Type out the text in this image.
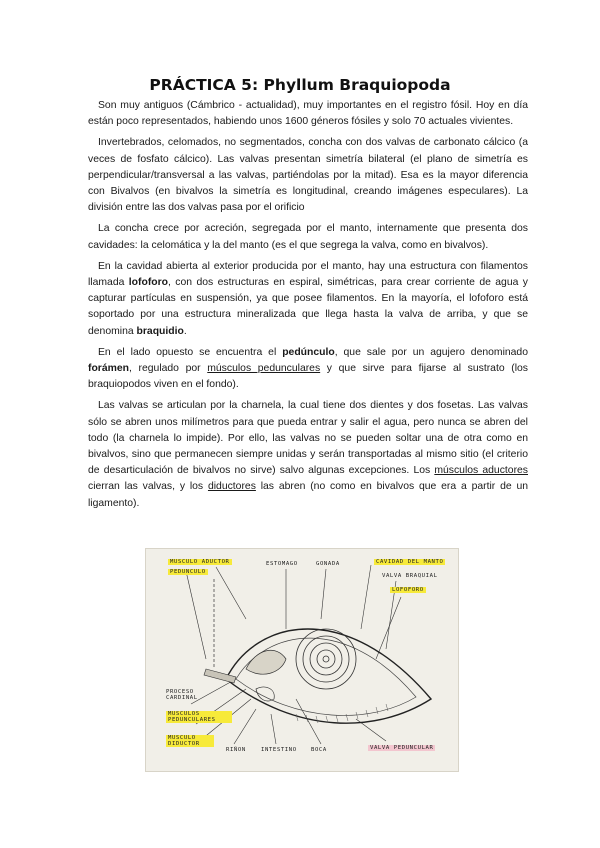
PRÁCTICA 5: Phyllum Braquiopoda

Son muy antiguos (Cámbrico - actualidad), muy importantes en el registro fósil. Hoy en día están poco representados, habiendo unos 1600 géneros fósiles y solo 70 actuales vivientes.

Invertebrados, celomados, no segmentados, concha con dos valvas de carbonato cálcico (a veces de fosfato cálcico). Las valvas presentan simetría bilateral (el plano de simetría es perpendicular/transversal a las valvas, partiéndolas por la mitad). Esa es la mayor diferencia con Bivalvos (en bivalvos la simetría es longitudinal, creando imágenes especulares). La división entre las dos valvas pasa por el orificio

La concha crece por acreción, segregada por el manto, internamente que presenta dos cavidades: la celomática y la del manto (es el que segrega la valva, como en bivalvos).

En la cavidad abierta al exterior producida por el manto, hay una estructura con filamentos llamada lofoforo, con dos estructuras en espiral, simétricas, para crear corriente de agua y capturar partículas en suspensión, ya que posee filamentos. En la mayoría, el lofoforo está soportado por una estructura mineralizada que llega hasta la valva de arriba, y que se denomina braquidio.

En el lado opuesto se encuentra el pedúnculo, que sale por un agujero denominado forámen, regulado por músculos pedunculares y que sirve para fijarse al sustrato (los braquiopodos viven en el fondo).

Las valvas se articulan por la charnela, la cual tiene dos dientes y dos fosetas. Las valvas sólo se abren unos milímetros para que pueda entrar y salir el agua, pero nunca se abren del todo (la charnela lo impide). Por ello, las valvas no se pueden soltar una de otra como en bivalvos, sino que permanecen siempre unidas y serán transportadas al mismo sitio (el criterio de desarticulación de bivalvos no sirve) salvo algunas excepciones. Los músculos aductores cierran las valvas, y los diductores las abren (no como en bivalvos que era a partir de un ligamento).

MUSCULO ADUCTOR
PEDUNCULO
ESTOMAGO	GONADA	CAVIDAD DEL MANTO
VALVA BRAQUIAL
LOFOFORO
PROCESO CARDINAL
MUSCULOS PEDUNCULARES
MUSCULO DIDUCTOR
RIÑON	INTESTINO	BOCA	VALVA PEDUNCULAR
